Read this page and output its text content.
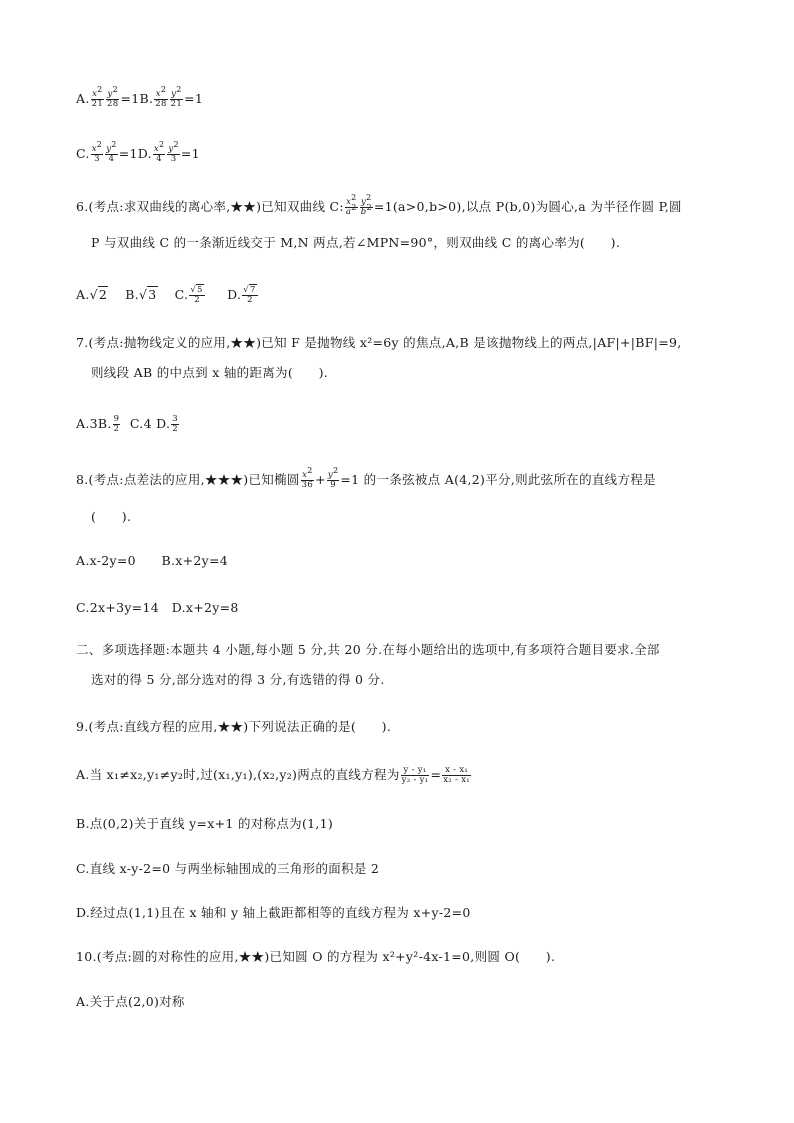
A. $\frac{x^2}{21} \frac{y^2}{28} =1B$. $\frac{x^2}{28} \frac{y^2}{21} =1$
C. $\frac{x^2}{3} \frac{y^2}{4} =1D$. $\frac{x^2}{4} \frac{y^2}{3} =1$
6.(考点:求双曲线的离心率,★★)已知双曲线 C: $\frac{x^2}{a^2} \frac{y^2}{b^2} =1(a>0,b>0)$,以点 P(b,0)为圆心,a 为半径作圆 P,圆
P 与双曲线 C 的一条渐近线交于 M,N 两点,若∠MPN=90°，则双曲线 C 的离心率为(　　).
A.√2 B.√3 C. $\frac{√5}{2} D$. $\frac{√7}{2}$
7.(考点:抛物线定义的应用,★★)已知 F 是抛物线 x²=6y 的焦点,A,B 是该抛物线上的两点,|AF|+|BF|=9,
则线段 AB 的中点到 x 轴的距离为(　　).
A.3B. $\frac{9}{2} C.4$ D. $\frac{3}{2}$
8.(考点:点差法的应用,★★★)已知椭圆 $\frac{x^2}{36} + \frac{y^2}{9} =1$ 的一条弦被点 A(4,2)平分,则此弦所在的直线方程是
(　　).
A.x-2y=0　　B.x+2y=4
C.2x+3y=14　D.x+2y=8
二、多项选择题:本题共 4 小题,每小题 5 分,共 20 分.在每小题给出的选项中,有多项符合题目要求.全部
选对的得 5 分,部分选对的得 3 分,有选错的得 0 分.
9.(考点:直线方程的应用,★★)下列说法正确的是(　　).
A.当 x₁≠x₂,y₁≠y₂时,过(x₁,y₁),(x₂,y₂)两点的直线方程为 $\frac{\text{y - y₁}}{\text{y₂ - y₁}} = \frac{\text{x - x₁}}{\text{x₂ - x₁}}$
B.点(0,2)关于直线 y=x+1 的对称点为(1,1)
C.直线 x-y-2=0 与两坐标轴围成的三角形的面积是 2
D.经过点(1,1)且在 x 轴和 y 轴上截距都相等的直线方程为 x+y-2=0
10.(考点:圆的对称性的应用,★★)已知圆 O 的方程为 x²+y²-4x-1=0,则圆 O(　　).
A.关于点(2,0)对称
